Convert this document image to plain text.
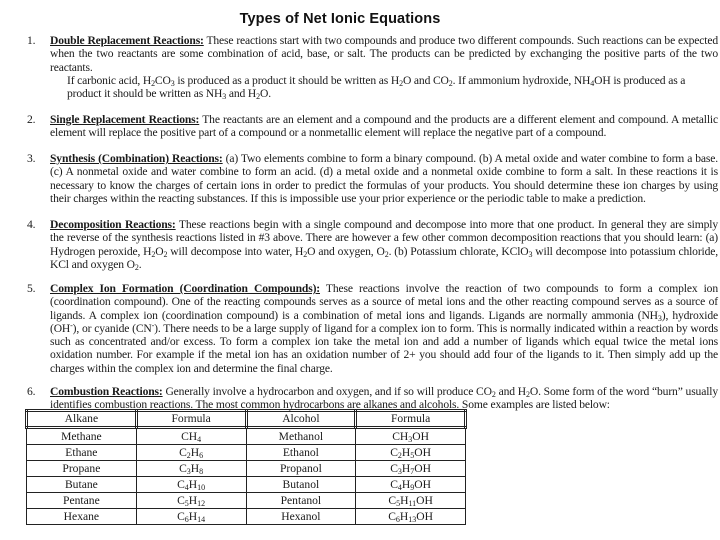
Types of Net Ionic Equations
1. Double Replacement Reactions: These reactions start with two compounds and produce two different compounds. Such reactions can be expected when the two reactants are some combination of acid, base, or salt. The products can be predicted by exchanging the positive parts of the two reactants.

If carbonic acid, $H_2CO_3$ is produced as a product it should be written as $H_2O$ and $CO_2$. If ammonium hydroxide, $NH_4OH$ is produced as a product it should be written as $NH_3$ and $H_2O$.

2. Single Replacement Reactions: The reactants are an element and a compound and the products are a different element and compound. A metallic element will replace the positive part of a compound or a nonmetallic element will replace the negative part of a compound.

3. Synthesis (Combination) Reactions: (a) Two elements combine to form a binary compound. (b) A metal oxide and water combine to form a base. (c) A nonmetal oxide and water combine to form an acid. (d) a metal oxide and a nonmetal oxide combine to form a salt. In these reactions it is necessary to know the charges of certain ions in order to predict the formulas of your products. You should determine these ion charges by using their charges within the reacting substances. If this is impossible use your prior experience or the periodic table to make a prediction.

4. Decomposition Reactions: These reactions begin with a single compound and decompose into more that one product. In general they are simply the reverse of the synthesis reactions listed in #3 above. There are however a few other common decomposition reactions that you should learn: (a) Hydrogen peroxide, $H_2O_2$ will decompose into water, $H_2O$ and oxygen, $O_2$. (b) Potassium chlorate, KClO$_3$ will decompose into potassium chloride, KCl and oxygen $O_2$.

5. Complex Ion Formation (Coordination Compounds): These reactions involve the reaction of two compounds to form a complex ion (coordination compound). One of the reacting compounds serves as a source of metal ions and the other reacting compound serves as a source of ligands. A complex ion (coordination compound) is a combination of metal ions and ligands. Ligands are normally ammonia $(NH_3)$, hydroxide (OH-), or cyanide (CN-). There needs to be a large supply of ligand for a complex ion to form. This is normally indicated within a reaction by words such as concentrated and/or excess. To form a complex ion take the metal ion and add a number of ligands which equal twice the metal ions oxidation number. For example if the metal ion has an oxidation number of 2+ you should add four of the ligands to it. Then simply add up the charges within the complex ion and determine the final charge.

6. Combustion Reactions: Generally involve a hydrocarbon and oxygen, and if so will produce $CO_2$ and $H_2O$. Some form of the word “burn” usually identifies combustion reactions. The most common hydrocarbons are alkanes and alcohols. Some examples are listed below:

Alkane	Formula	Alcohol	Formula
Methane	$CH_4$	Methanol	$CH_3OH$
Ethane	$C_2H_6$	Ethanol	$C_2H_5OH$
Propane	$C_3H_8$	Propanol	$C_3H_7OH$
Butane	$C_4H_{10}$	Butanol	$C_4H_9OH$
Pentane	$C_5H_{12}$	Pentanol	$C_5H_{11}OH$
Hexane	$C_6H_{14}$	Hexanol	$C_6H_{13}OH$
